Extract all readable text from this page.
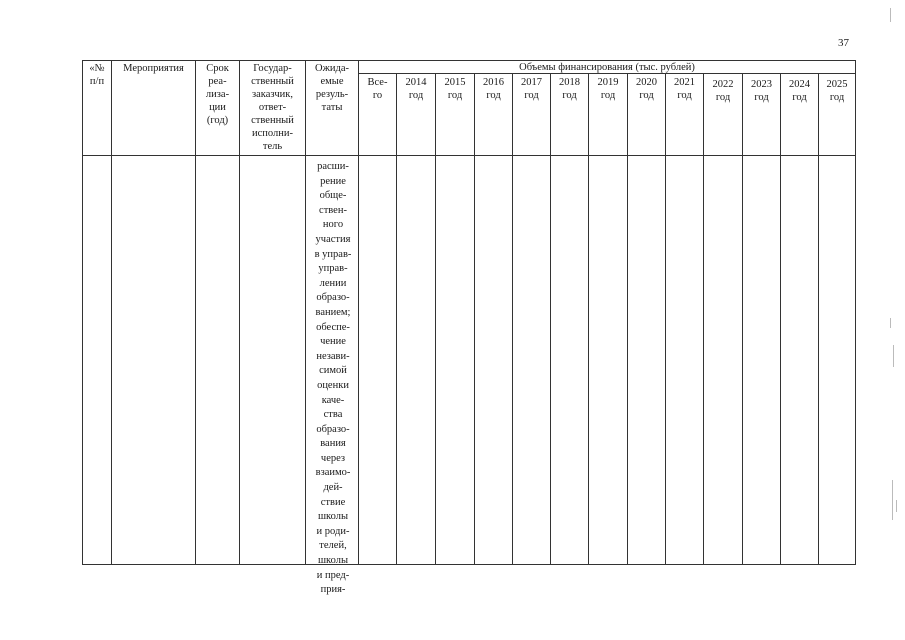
37
«№
п/п
Мероприятия	Срок
реа-
лиза-
ции
(год)
Государ-
ственный
заказчик,
ответ-
ственный
исполни-
тель
Ожида-
емые
резуль-
таты
Объемы финансирования (тыс. рублей)
Все-
го
2014
год
2015
год
2016
год
2017
год
2018
год
2019
год
2020
год
2021
год
2022
год
2023
год
2024
год
2025
год
расши-
рение
обще-
ствен-
ного
участия
в управ-
управ-
лении
образо-
ванием;
обеспе-
чение
незави-
симой
оценки
каче-
ства
образо-
вания
через
взаимо-
дей-
ствие
школы
и роди-
телей,
школы
и пред-
прия-
